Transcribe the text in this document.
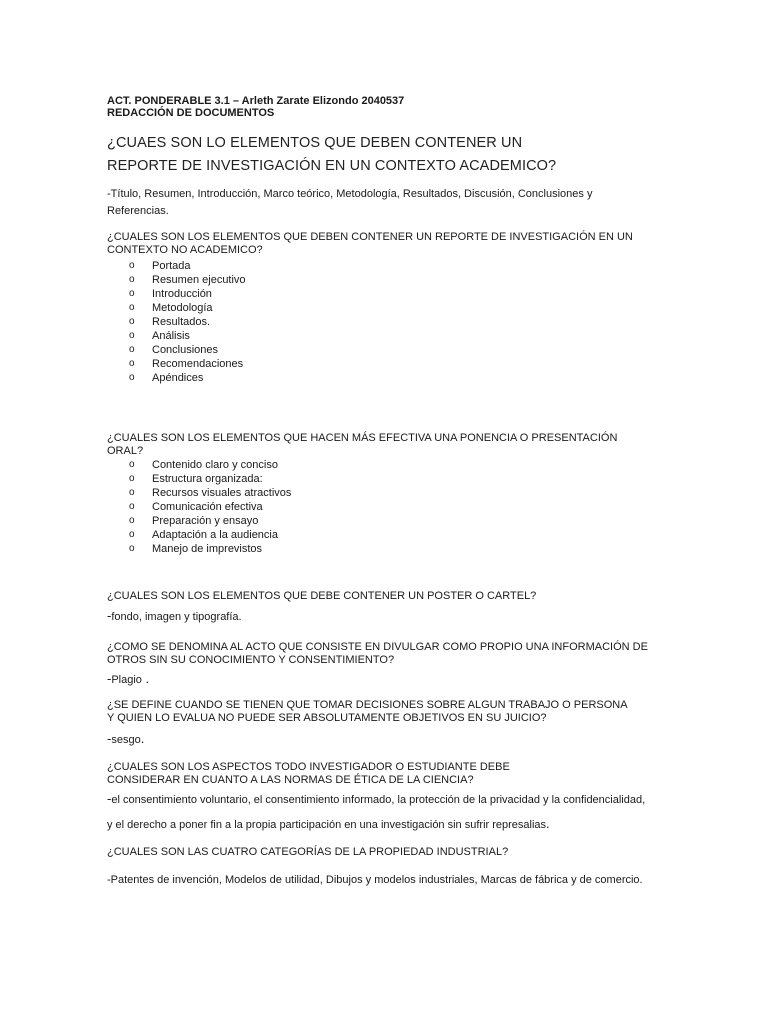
ACT. PONDERABLE 3.1 – Arleth Zarate Elizondo 2040537
REDACCIÓN DE DOCUMENTOS
¿CUAES SON LO ELEMENTOS QUE DEBEN CONTENER UN REPORTE DE INVESTIGACIÓN EN UN CONTEXTO ACADEMICO?
-Título, Resumen, Introducción, Marco teórico, Metodología, Resultados, Discusión, Conclusiones y
Referencias.
¿CUALES SON LOS ELEMENTOS QUE DEBEN CONTENER UN REPORTE DE INVESTIGACIÓN EN UN CONTEXTO NO ACADEMICO?
o Portada
o Resumen ejecutivo
o Introducción
o Metodología
o Resultados.
o Análisis
o Conclusiones
o Recomendaciones
o Apéndices
¿CUALES SON LOS ELEMENTOS QUE HACEN MÁS EFECTIVA UNA PONENCIA O PRESENTACIÓN ORAL?
o Contenido claro y conciso
o Estructura organizada:
o Recursos visuales atractivos
o Comunicación efectiva
o Preparación y ensayo
o Adaptación a la audiencia
o Manejo de imprevistos
¿CUALES SON LOS ELEMENTOS QUE DEBE CONTENER UN POSTER O CARTEL?
-fondo, imagen y tipografía.
¿COMO SE DENOMINA AL ACTO QUE CONSISTE EN DIVULGAR COMO PROPIO UNA INFORMACIÓN DE OTROS SIN SU CONOCIMIENTO Y CONSENTIMIENTO?
-Plagio .
¿SE DEFINE CUANDO SE TIENEN QUE TOMAR DECISIONES SOBRE ALGUN TRABAJO O PERSONA Y QUIEN LO EVALUA NO PUEDE SER ABSOLUTAMENTE OBJETIVOS EN SU JUICIO?
-sesgo.
¿CUALES SON LOS ASPECTOS TODO INVESTIGADOR O ESTUDIANTE DEBE
CONSIDERAR EN CUANTO A LAS NORMAS DE ÉTICA DE LA CIENCIA?
-el consentimiento voluntario, el consentimiento informado, la protección de la privacidad y la confidencialidad,
y el derecho a poner fin a la propia participación en una investigación sin sufrir represalias.
¿CUALES SON LAS CUATRO CATEGORÍAS DE LA PROPIEDAD INDUSTRIAL?
-Patentes de invención, Modelos de utilidad, Dibujos y modelos industriales, Marcas de fábrica y de comercio.
